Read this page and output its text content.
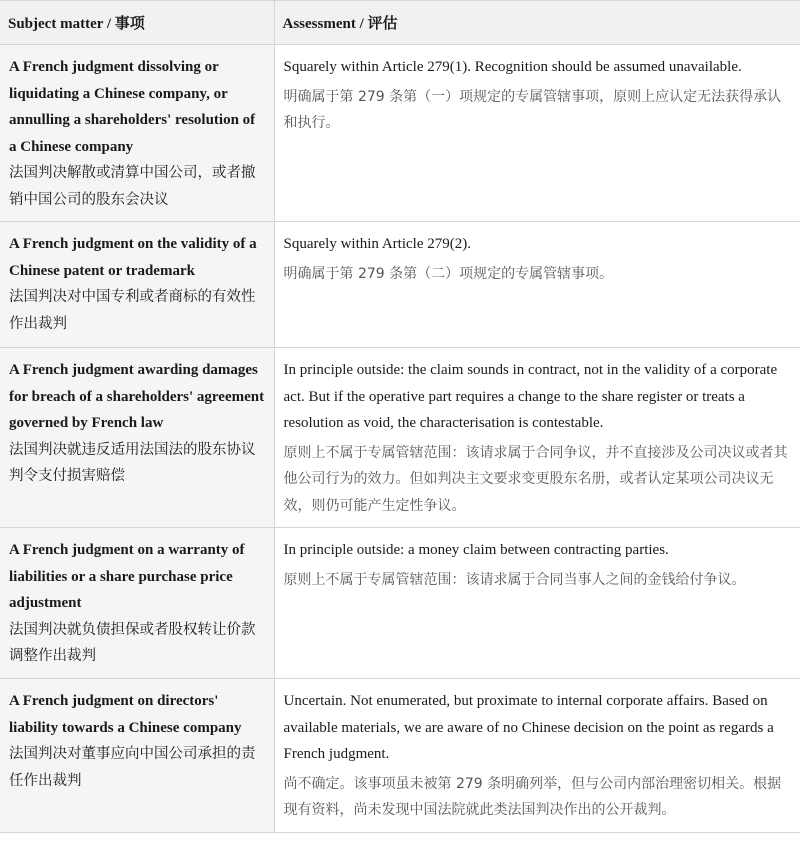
Subject matter / 事项	Assessment / 评估

A French judgment dissolving or liquidating a Chinese company, or annulling a shareholders' resolution of a Chinese company
法国判决解散或清算中国公司，或者撤销中国公司的股东会决议	Squarely within Article 279(1). Recognition should be assumed unavailable.
明确属于第 279 条第（一）项规定的专属管辖事项，原则上应认定无法获得承认和执行。

A French judgment on the validity of a Chinese patent or trademark
法国判决对中国专利或者商标的有效性作出裁判	Squarely within Article 279(2).
明确属于第 279 条第（二）项规定的专属管辖事项。

A French judgment awarding damages for breach of a shareholders' agreement governed by French law
法国判决就违反适用法国法的股东协议判令支付损害赔偿	In principle outside: the claim sounds in contract, not in the validity of a corporate act. But if the operative part requires a change to the share register or treats a resolution as void, the characterisation is contestable.
原则上不属于专属管辖范围：该请求属于合同争议，并不直接涉及公司决议或者其他公司行为的效力。但如判决主文要求变更股东名册，或者认定某项公司决议无效，则仍可能产生定性争议。

A French judgment on a warranty of liabilities or a share purchase price adjustment
法国判决就负债担保或者股权转让价款调整作出裁判	In principle outside: a money claim between contracting parties.
原则上不属于专属管辖范围：该请求属于合同当事人之间的金钱给付争议。

A French judgment on directors' liability towards a Chinese company
法国判决对董事应向中国公司承担的责任作出裁判	Uncertain. Not enumerated, but proximate to internal corporate affairs. Based on available materials, we are aware of no Chinese decision on the point as regards a French judgment.
尚不确定。该事项虽未被第 279 条明确列举，但与公司内部治理密切相关。根据现有资料，尚未发现中国法院就此类法国判决作出的公开裁判。
